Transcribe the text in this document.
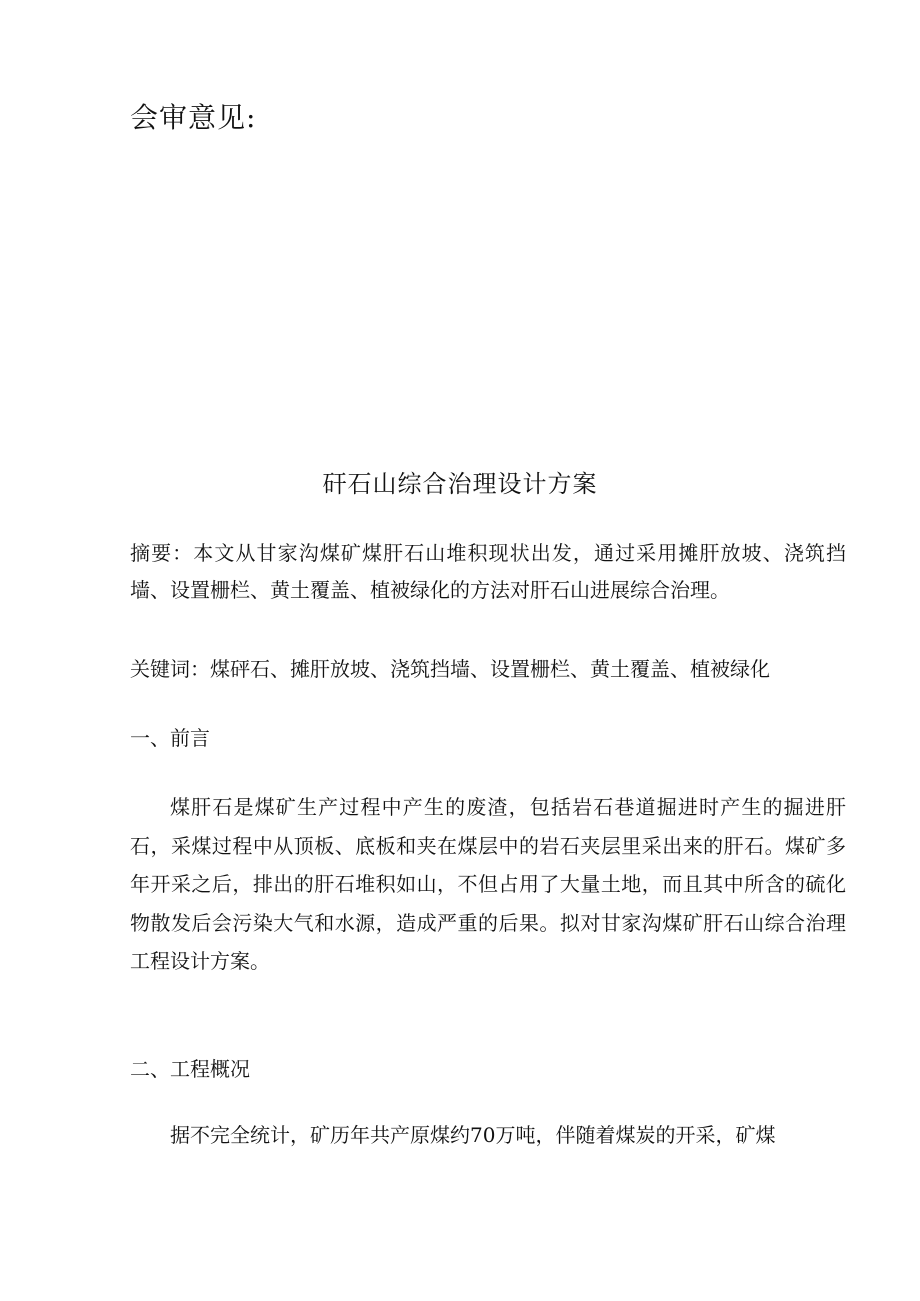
会审意见:
矸石山综合治理设计方案
摘要：本文从甘家沟煤矿煤肝石山堆积现状出发，通过采用摊肝放坡、浇筑挡墙、设置栅栏、黄土覆盖、植被绿化的方法对肝石山进展综合治理。
关键词：煤砰石、摊肝放坡、浇筑挡墙、设置栅栏、黄土覆盖、植被绿化
一、前言
煤肝石是煤矿生产过程中产生的废渣，包括岩石巷道掘进时产生的掘进肝石，采煤过程中从顶板、底板和夹在煤层中的岩石夹层里采出来的肝石。煤矿多年开采之后，排出的肝石堆积如山，不但占用了大量土地，而且其中所含的硫化物散发后会污染大气和水源，造成严重的后果。拟对甘家沟煤矿肝石山综合治理工程设计方案。
二、工程概况
据不完全统计，矿历年共产原煤约70万吨，伴随着煤炭的开采，矿煤
